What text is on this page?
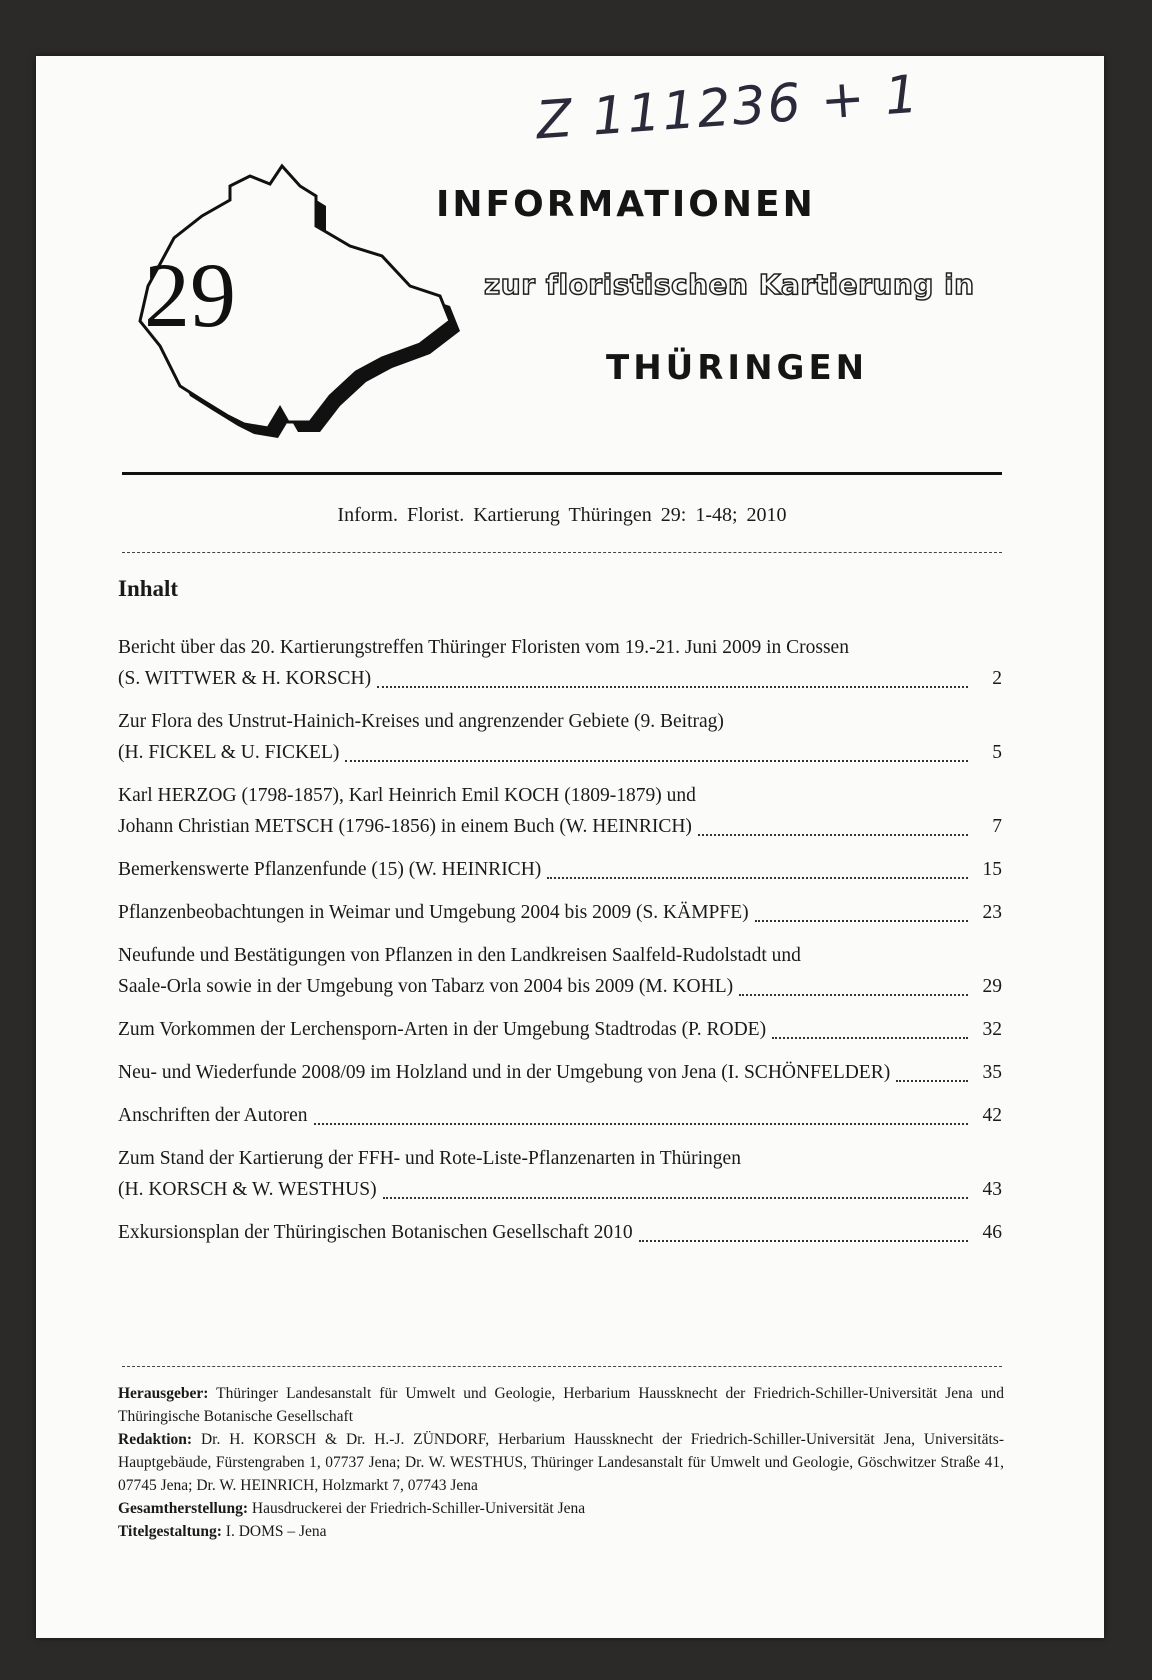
Z 111236 + 1
29
INFORMATIONEN
zur floristischen Kartierung in
THÜRINGEN
Inform. Florist. Kartierung Thüringen 29: 1-48; 2010
Inhalt
Bericht über das 20. Kartierungstreffen Thüringer Floristen vom 19.-21. Juni 2009 in Crossen
(S. WITTWER & H. KORSCH)	2
Zur Flora des Unstrut-Hainich-Kreises und angrenzender Gebiete (9. Beitrag)
(H. FICKEL & U. FICKEL)	5
Karl HERZOG (1798-1857), Karl Heinrich Emil KOCH (1809-1879) und
Johann Christian METSCH (1796-1856) in einem Buch (W. HEINRICH)	7
Bemerkenswerte Pflanzenfunde (15) (W. HEINRICH)	15
Pflanzenbeobachtungen in Weimar und Umgebung 2004 bis 2009 (S. KÄMPFE)	23
Neufunde und Bestätigungen von Pflanzen in den Landkreisen Saalfeld-Rudolstadt und
Saale-Orla sowie in der Umgebung von Tabarz von 2004 bis 2009 (M. KOHL)	29
Zum Vorkommen der Lerchensporn-Arten in der Umgebung Stadtrodas (P. RODE)	32
Neu- und Wiederfunde 2008/09 im Holzland und in der Umgebung von Jena (I. SCHÖNFELDER)	35
Anschriften der Autoren	42
Zum Stand der Kartierung der FFH- und Rote-Liste-Pflanzenarten in Thüringen
(H. KORSCH & W. WESTHUS)	43
Exkursionsplan der Thüringischen Botanischen Gesellschaft 2010	46

Herausgeber: Thüringer Landesanstalt für Umwelt und Geologie, Herbarium Haussknecht der Friedrich-Schiller-Universität Jena und Thüringische Botanische Gesellschaft

Redaktion: Dr. H. KORSCH & Dr. H.-J. ZÜNDORF, Herbarium Haussknecht der Friedrich-Schiller-Universität Jena, Universitäts-Hauptgebäude, Fürstengraben 1, 07737 Jena; Dr. W. WESTHUS, Thüringer Landesanstalt für Umwelt und Geologie, Göschwitzer Straße 41, 07745 Jena; Dr. W. HEINRICH, Holzmarkt 7, 07743 Jena

Gesamtherstellung: Hausdruckerei der Friedrich-Schiller-Universität Jena

Titelgestaltung: I. DOMS – Jena
